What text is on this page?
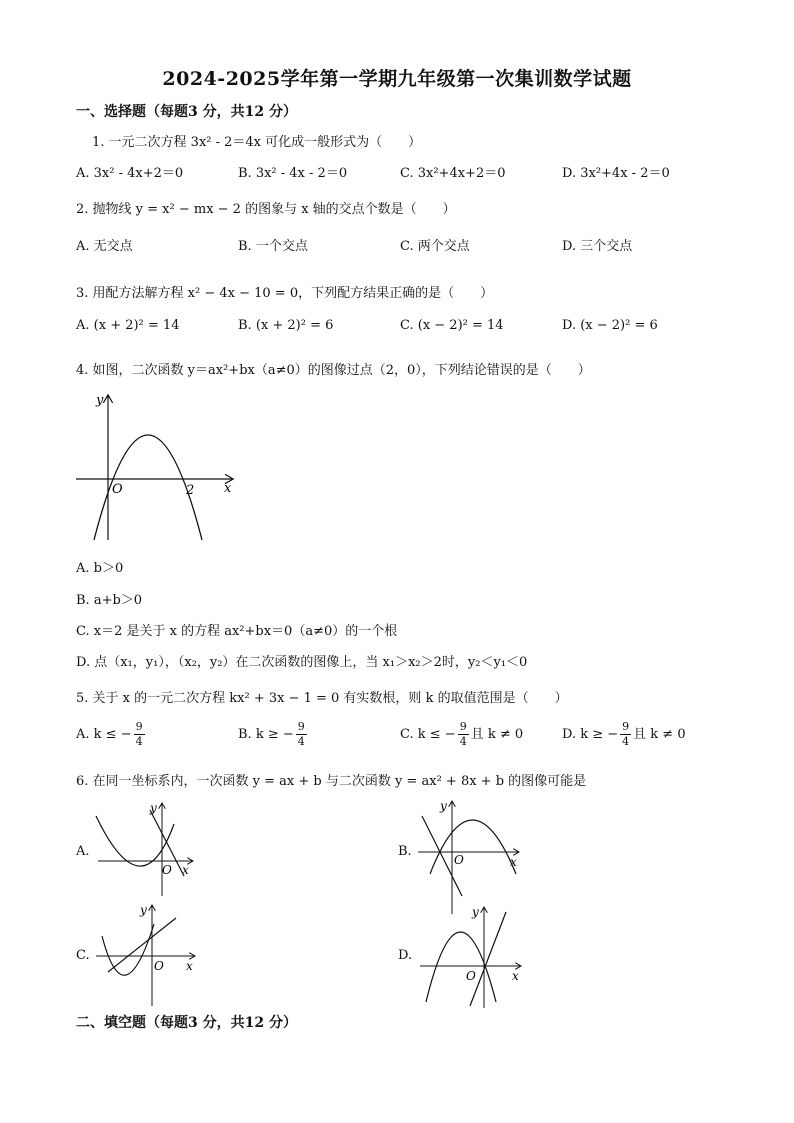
2024-2025学年第一学期九年级第一次集训数学试题
一、选择题（每题3 分，共12 分）
1. 一元二次方程 3x² - 2＝4x 可化成一般形式为（　　）
A. 3x² - 4x+2＝0	B. 3x² - 4x - 2＝0	C. 3x²+4x+2＝0	D. 3x²+4x - 2＝0
2. 抛物线 y = x² − mx − 2 的图象与 x 轴的交点个数是（　　）
A. 无交点	B. 一个交点	C. 两个交点	D. 三个交点
3. 用配方法解方程 x² − 4x − 10 = 0，下列配方结果正确的是（　　）
A. (x + 2)² = 14	B. (x + 2)² = 6	C. (x − 2)² = 14	D. (x − 2)² = 6
4. 如图，二次函数 y＝ax²+bx（a≠0）的图像过点（2，0），下列结论错误的是（　　）
y
x
O	2
A. b＞0
B. a+b＞0
C. x＝2 是关于 x 的方程 ax²+bx＝0（a≠0）的一个根
D. 点（x₁，y₁），（x₂，y₂）在二次函数的图像上，当 x₁＞x₂＞2时，y₂＜y₁＜0
5. 关于 x 的一元二次方程 kx² + 3x − 1 = 0 有实数根，则 k 的取值范围是（　　）
A. k ≤ − $\frac{9}{4}$	B. k ≥ − $\frac{9}{4}$	C. k ≤ − $\frac{9}{4}$ 且 k ≠ 0	D. k ≥ − $\frac{9}{4}$ 且 k ≠ 0
6. 在同一坐标系内，一次函数 y = ax + b 与二次函数 y = ax² + 8x + b 的图像可能是
A.
y
x
O
B.
y
x
O
C.
y
x
O
D.
y
x
O
二、填空题（每题3 分，共12 分）
